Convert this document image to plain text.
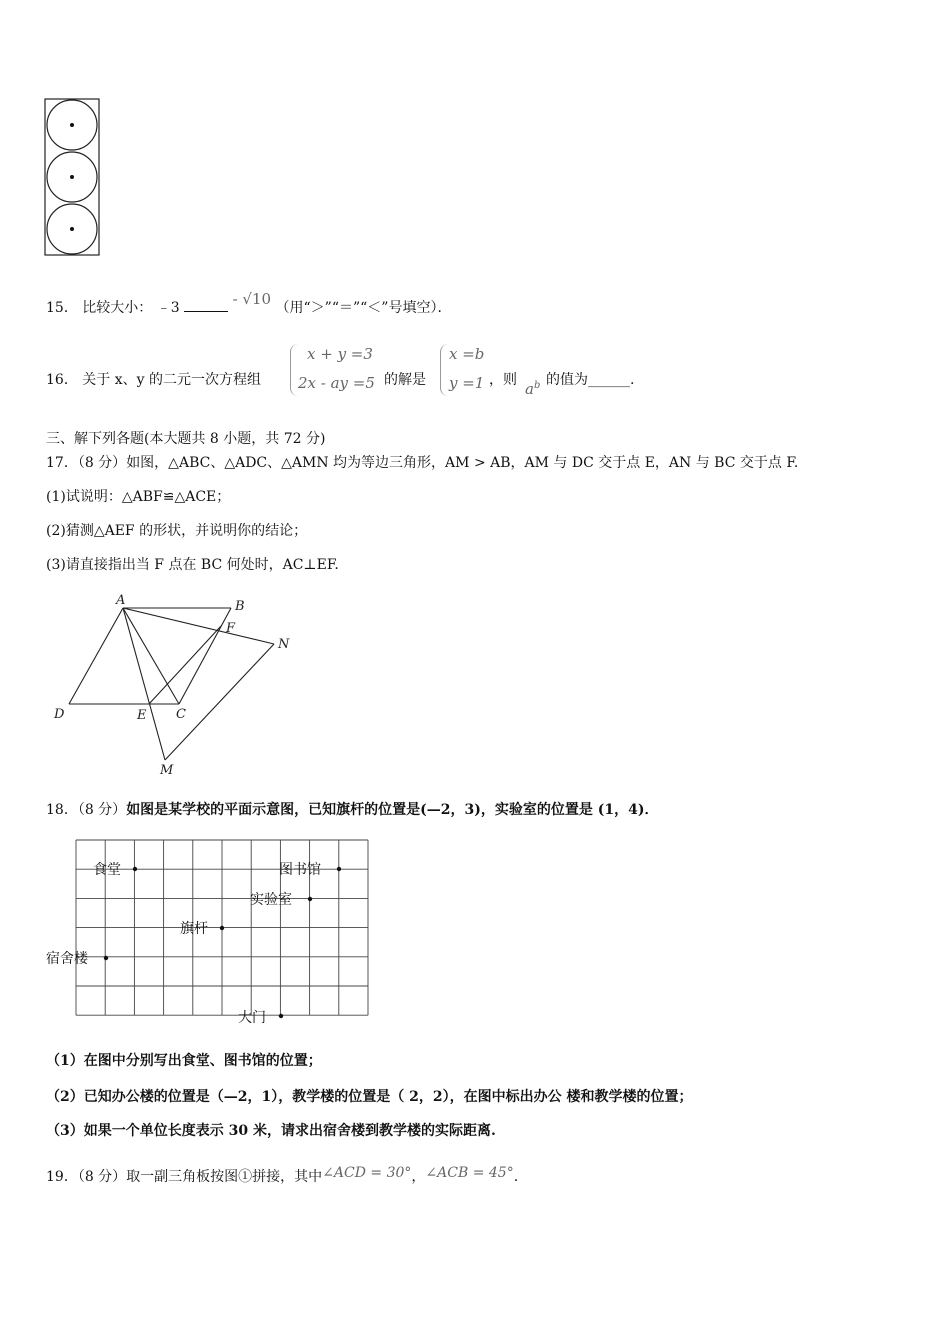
15． 比较大小： ﹣3	- √10 （用“＞”“＝”“＜”号填空）．
16． 关于 x、y 的二元一次方程组
x + y =3
2x - ay =5 的解是
x =b
y =1 ，则 $a^b$ 的值为______.
三、解下列各题(本大题共 8 小题，共 72 分)
17．（8 分）如图，△ABC、△ADC、△AMN 均为等边三角形，AM > AB，AM 与 DC 交于点 E，AN 与 BC 交于点 F.
(1)试说明：△ABF≌△ACE；
(2)猜测△AEF 的形状，并说明你的结论；
(3)请直接指出当 F 点在 BC 何处时，AC⊥EF.
A	B
F
N
D	E C
M
18．（8 分）如图是某学校的平面示意图，已知旗杆的位置是(—2，3)，实验室的位置是 (1，4)．
食堂	图书馆
实验室
旗杆
宿舍楼
大门
（1）在图中分别写出食堂、图书馆的位置；
（2）已知办公楼的位置是（—2，1），教学楼的位置是（ 2，2），在图中标出办公 楼和教学楼的位置；
（3）如果一个单位长度表示 30 米，请求出宿舍楼到教学楼的实际距离.
19．（8 分）取一副三角板按图①拼接，其中∠ACD = 30°，∠ACB = 45°.
